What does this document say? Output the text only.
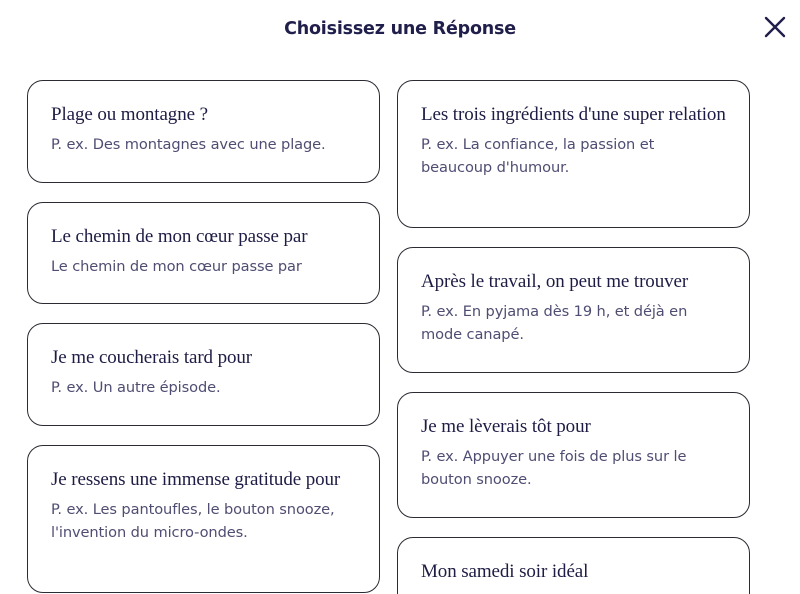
Choisissez une Réponse
Plage ou montagne ?
P. ex. Des montagnes avec une plage.
Le chemin de mon cœur passe par
Le chemin de mon cœur passe par
Je me coucherais tard pour
P. ex. Un autre épisode.
Je ressens une immense gratitude pour
P. ex. Les pantoufles, le bouton snooze, l'invention du micro-ondes.
Les trois ingrédients d'une super relation
P. ex. La confiance, la passion et beaucoup d'humour.
Après le travail, on peut me trouver
P. ex. En pyjama dès 19 h, et déjà en mode canapé.
Je me lèverais tôt pour
P. ex. Appuyer une fois de plus sur le bouton snooze.
Mon samedi soir idéal
